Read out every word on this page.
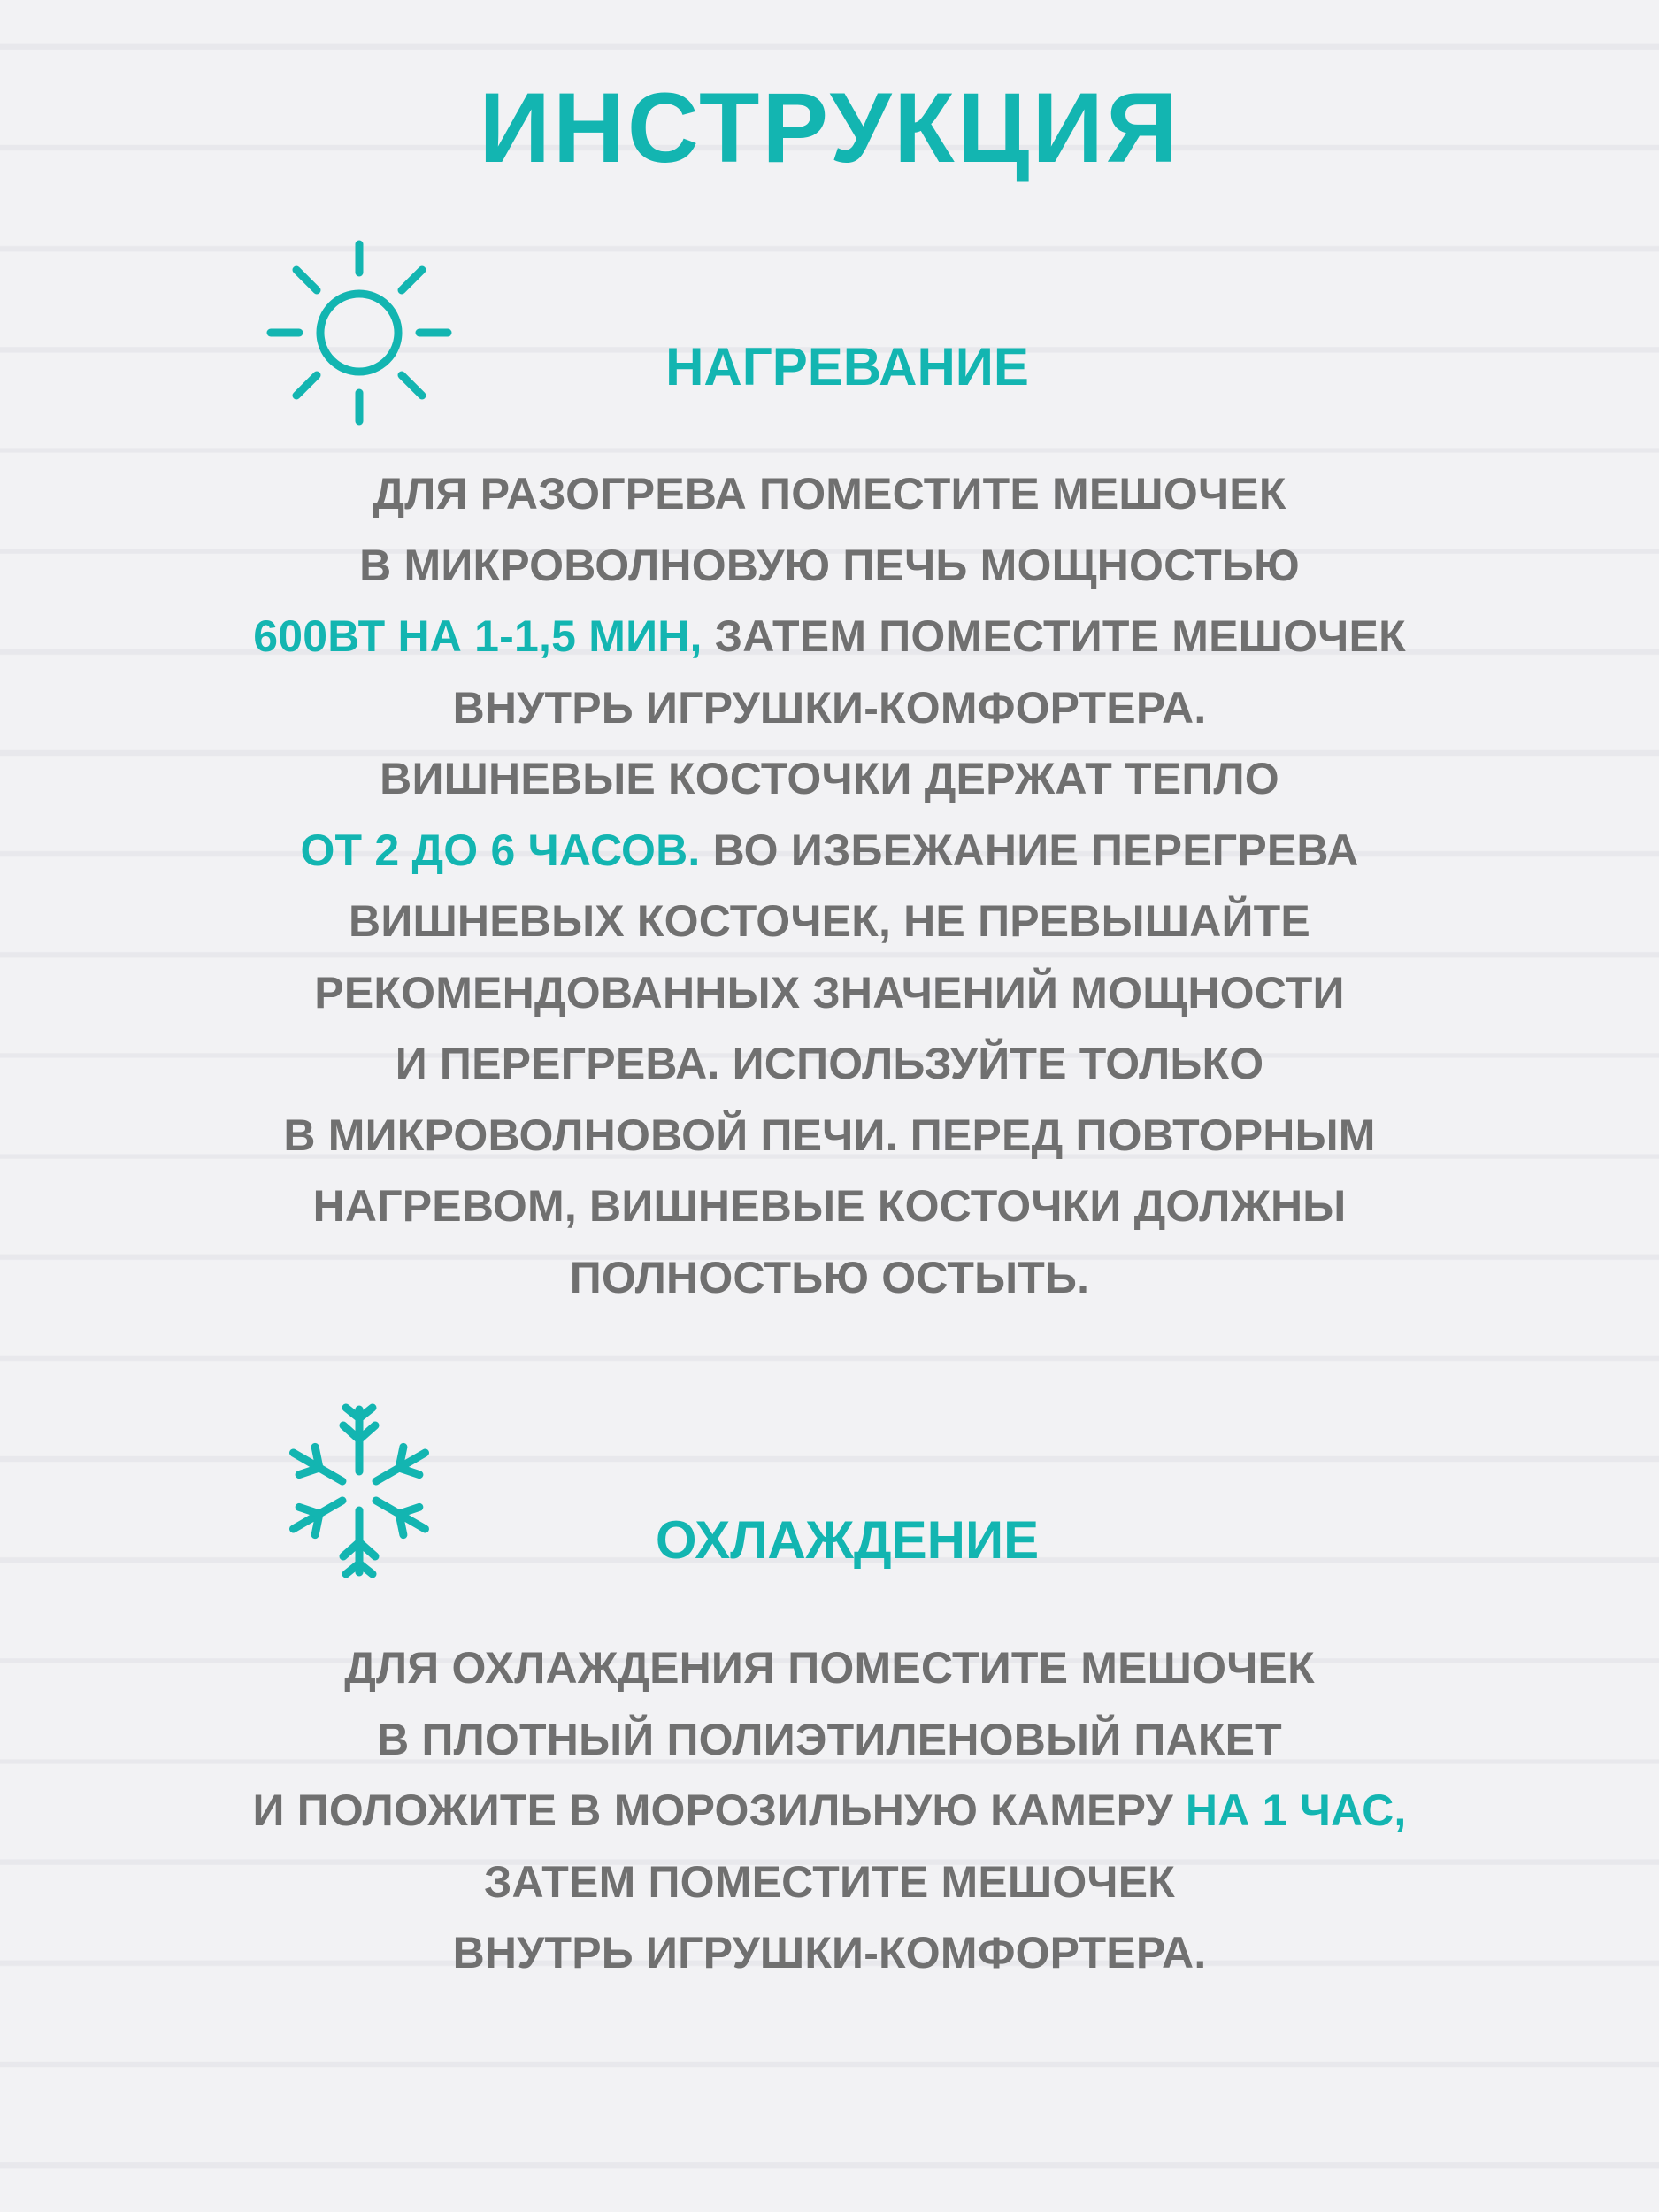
ИНСТРУКЦИЯ
НАГРЕВАНИЕ
ДЛЯ РАЗОГРЕВА ПОМЕСТИТЕ МЕШОЧЕК
В МИКРОВОЛНОВУЮ ПЕЧЬ МОЩНОСТЬЮ
600ВТ НА 1-1,5 МИН, ЗАТЕМ ПОМЕСТИТЕ МЕШОЧЕК
ВНУТРЬ ИГРУШКИ-КОМФОРТЕРА.
ВИШНЕВЫЕ КОСТОЧКИ ДЕРЖАТ ТЕПЛО
ОТ 2 ДО 6 ЧАСОВ. ВО ИЗБЕЖАНИЕ ПЕРЕГРЕВА
ВИШНЕВЫХ КОСТОЧЕК, НЕ ПРЕВЫШАЙТЕ
РЕКОМЕНДОВАННЫХ ЗНАЧЕНИЙ МОЩНОСТИ
И ПЕРЕГРЕВА. ИСПОЛЬЗУЙТЕ ТОЛЬКО
В МИКРОВОЛНОВОЙ ПЕЧИ. ПЕРЕД ПОВТОРНЫМ
НАГРЕВОМ, ВИШНЕВЫЕ КОСТОЧКИ ДОЛЖНЫ
ПОЛНОСТЬЮ ОСТЫТЬ.
ОХЛАЖДЕНИЕ
ДЛЯ ОХЛАЖДЕНИЯ ПОМЕСТИТЕ МЕШОЧЕК
В ПЛОТНЫЙ ПОЛИЭТИЛЕНОВЫЙ ПАКЕТ
И ПОЛОЖИТЕ В МОРОЗИЛЬНУЮ КАМЕРУ НА 1 ЧАС,
ЗАТЕМ ПОМЕСТИТЕ МЕШОЧЕК
ВНУТРЬ ИГРУШКИ-КОМФОРТЕРА.
